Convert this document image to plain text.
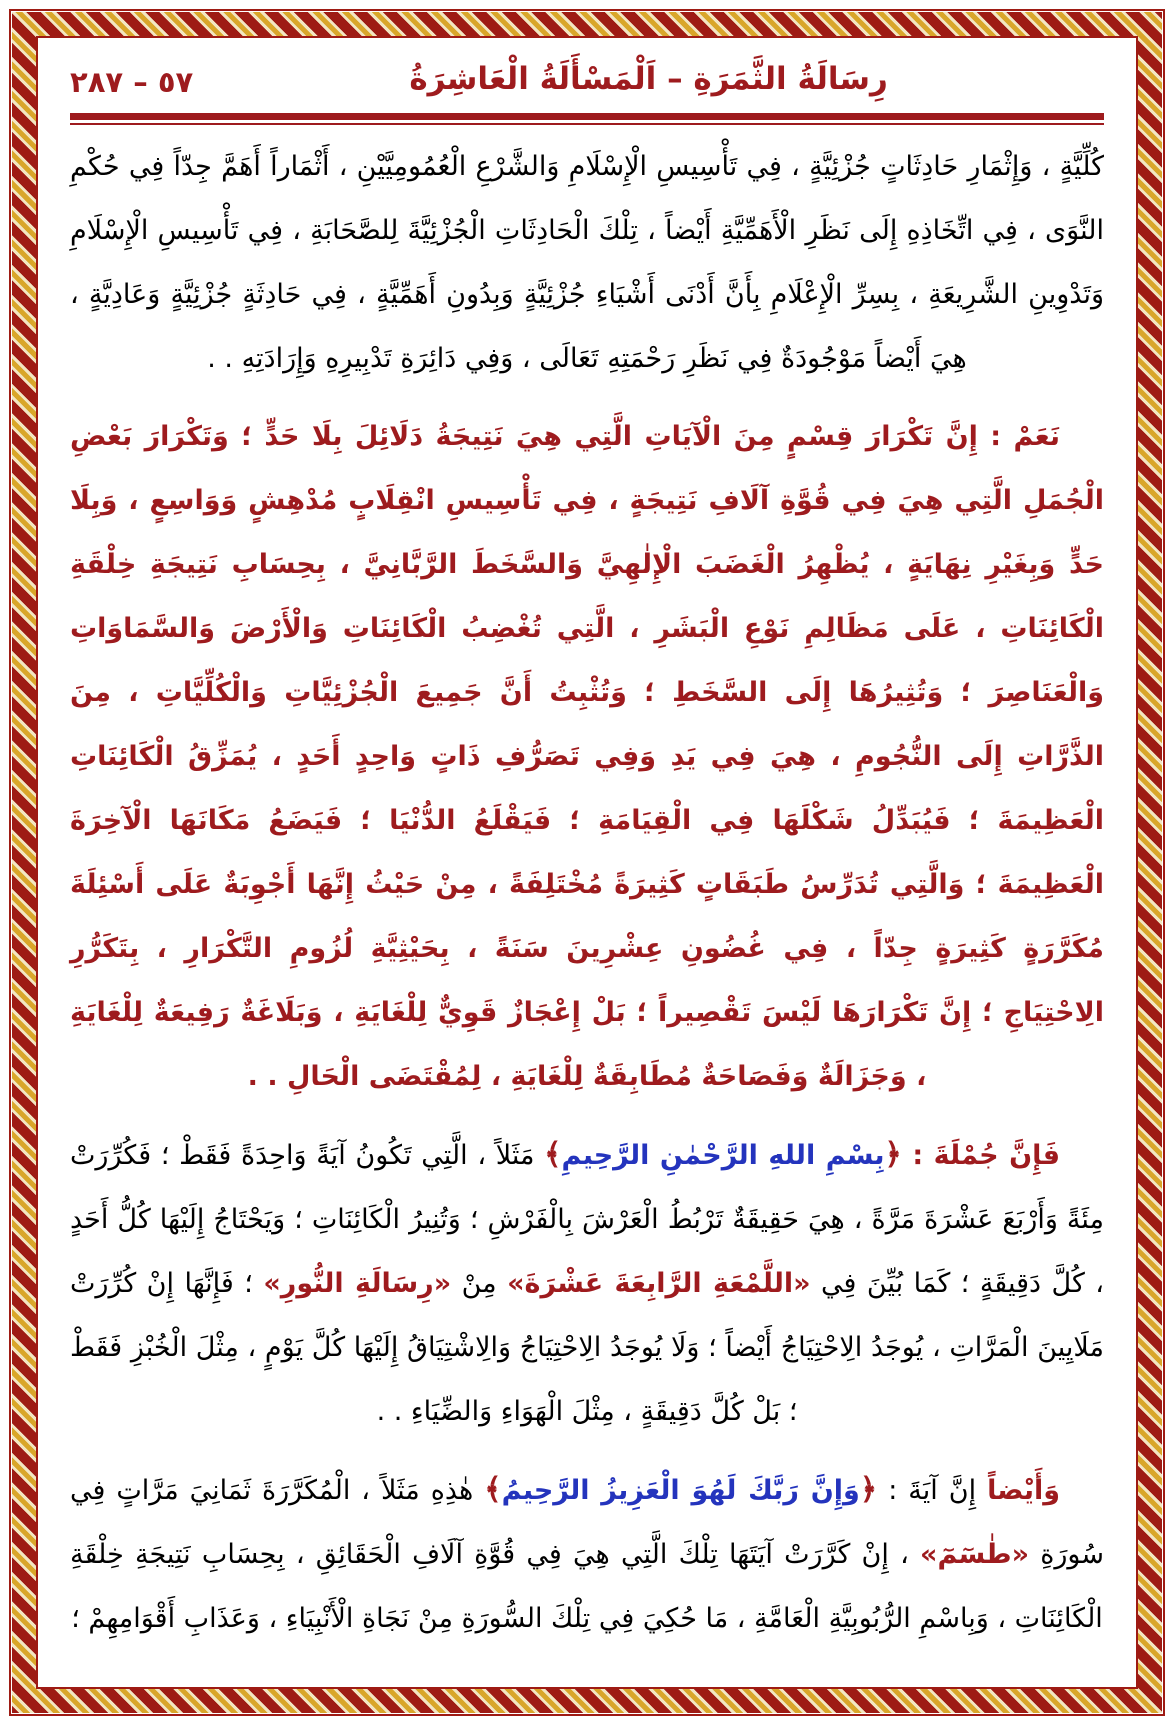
رِسَالَةُ الثَّمَرَةِ – اَلْمَسْأَلَةُ الْعَاشِرَةُ
٥٧ – ٢٨٧

كُلِّيَّةٍ ، وَإِثْمَارِ حَادِثَاتٍ جُزْئِيَّةٍ ، فِي تَأْسِيسِ الْإِسْلَامِ وَالشَّرْعِ الْعُمُومِيَّيْنِ ، أَثْمَاراً أَهَمَّ جِدّاً فِي حُكْمِ النَّوَى ، فِي اتِّخَاذِهِ إِلَى نَظَرِ الْأَهَمِّيَّةِ أَيْضاً ، تِلْكَ الْحَادِثَاتِ الْجُزْئِيَّةَ لِلصَّحَابَةِ ، فِي تَأْسِيسِ الْإِسْلَامِ وَتَدْوِينِ الشَّرِيعَةِ ، بِسِرِّ الْإِعْلَامِ بِأَنَّ أَدْنَى أَشْيَاءِ جُزْئِيَّةٍ وَبِدُونِ أَهَمِّيَّةٍ ، فِي حَادِثَةٍ جُزْئِيَّةٍ وَعَادِيَّةٍ ، هِيَ أَيْضاً مَوْجُودَةٌ فِي نَظَرِ رَحْمَتِهِ تَعَالَى ، وَفِي دَائِرَةِ تَدْبِيرِهِ وَإِرَادَتِهِ . .

نَعَمْ : إِنَّ تَكْرَارَ قِسْمٍ مِنَ الْآيَاتِ الَّتِي هِيَ نَتِيجَةُ دَلَائِلَ بِلَا حَدٍّ ؛ وَتَكْرَارَ بَعْضِ الْجُمَلِ الَّتِي هِيَ فِي قُوَّةِ آلَافِ نَتِيجَةٍ ، فِي تَأْسِيسِ انْقِلَابٍ مُدْهِشٍ وَوَاسِعٍ ، وَبِلَا حَدٍّ وَبِغَيْرِ نِهَايَةٍ ، يُظْهِرُ الْغَضَبَ الْإِلٰهِيَّ وَالسَّخَطَ الرَّبَّانِيَّ ، بِحِسَابِ نَتِيجَةِ خِلْقَةِ الْكَائِنَاتِ ، عَلَى مَظَالِمِ نَوْعِ الْبَشَرِ ، الَّتِي تُغْضِبُ الْكَائِنَاتِ وَالْأَرْضَ وَالسَّمَاوَاتِ وَالْعَنَاصِرَ ؛ وَتُثِيرُهَا إِلَى السَّخَطِ ؛ وَتُثْبِتُ أَنَّ جَمِيعَ الْجُزْئِيَّاتِ وَالْكُلِّيَّاتِ ، مِنَ الذَّرَّاتِ إِلَى النُّجُومِ ، هِيَ فِي يَدِ وَفِي تَصَرُّفِ ذَاتٍ وَاحِدٍ أَحَدٍ ، يُمَزِّقُ الْكَائِنَاتِ الْعَظِيمَةَ ؛ فَيُبَدِّلُ شَكْلَهَا فِي الْقِيَامَةِ ؛ فَيَقْلَعُ الدُّنْيَا ؛ فَيَضَعُ مَكَانَهَا الْآخِرَةَ الْعَظِيمَةَ ؛ وَالَّتِي تُدَرِّسُ طَبَقَاتٍ كَثِيرَةً مُخْتَلِفَةً ، مِنْ حَيْثُ إِنَّهَا أَجْوِبَةٌ عَلَى أَسْئِلَةَ مُكَرَّرَةٍ كَثِيرَةٍ جِدّاً ، فِي غُضُونِ عِشْرِينَ سَنَةً ، بِحَيْثِيَّةِ لُزُومِ التَّكْرَارِ ، بِتَكَرُّرِ الِاحْتِيَاجِ ؛ إِنَّ تَكْرَارَهَا لَيْسَ تَقْصِيراً ؛ بَلْ إِعْجَازٌ قَوِيٌّ لِلْغَايَةِ ، وَبَلَاغَةٌ رَفِيعَةٌ لِلْغَايَةِ ، وَجَزَالَةٌ وَفَصَاحَةٌ مُطَابِقَةٌ لِلْغَايَةِ ، لِمُقْتَضَى الْحَالِ . .

فَإِنَّ جُمْلَةَ : ﴿بِسْمِ اللهِ الرَّحْمٰنِ الرَّحِيمِ﴾ مَثَلاً ، الَّتِي تَكُونُ آيَةً وَاحِدَةً فَقَطْ ؛ فَكُرِّرَتْ مِئَةً وَأَرْبَعَ عَشْرَةَ مَرَّةً ، هِيَ حَقِيقَةٌ تَرْبُطُ الْعَرْشَ بِالْفَرْشِ ؛ وَتُنِيرُ الْكَائِنَاتِ ؛ وَيَحْتَاجُ إِلَيْهَا كُلُّ أَحَدٍ ، كُلَّ دَقِيقَةٍ ؛ كَمَا بُيِّنَ فِي «اللَّمْعَةِ الرَّابِعَةَ عَشْرَةَ» مِنْ «رِسَالَةِ النُّورِ» ؛ فَإِنَّهَا إِنْ كُرِّرَتْ مَلَايِينَ الْمَرَّاتِ ، يُوجَدُ الِاحْتِيَاجُ أَيْضاً ؛ وَلَا يُوجَدُ الِاحْتِيَاجُ وَالِاشْتِيَاقُ إِلَيْهَا كُلَّ يَوْمٍ ، مِثْلَ الْخُبْزِ فَقَطْ ؛ بَلْ كُلَّ دَقِيقَةٍ ، مِثْلَ الْهَوَاءِ وَالضِّيَاءِ . .

وَأَيْضاً إِنَّ آيَةَ : ﴿وَإِنَّ رَبَّكَ لَهُوَ الْعَزِيزُ الرَّحِيمُ﴾ هٰذِهِ مَثَلاً ، الْمُكَرَّرَةَ ثَمَانِيَ مَرَّاتٍ فِي سُورَةِ «طٰسٓمٓ» ، إِنْ كَرَّرَتْ آيَتَهَا تِلْكَ الَّتِي هِيَ فِي قُوَّةِ آلَافِ الْحَقَائِقِ ، بِحِسَابِ نَتِيجَةِ خِلْقَةِ الْكَائِنَاتِ ، وَبِاسْمِ الرُّبُوبِيَّةِ الْعَامَّةِ ، مَا حُكِيَ فِي تِلْكَ السُّورَةِ مِنْ نَجَاةِ الْأَنْبِيَاءِ ، وَعَذَابِ أَقْوَامِهِمْ ؛
